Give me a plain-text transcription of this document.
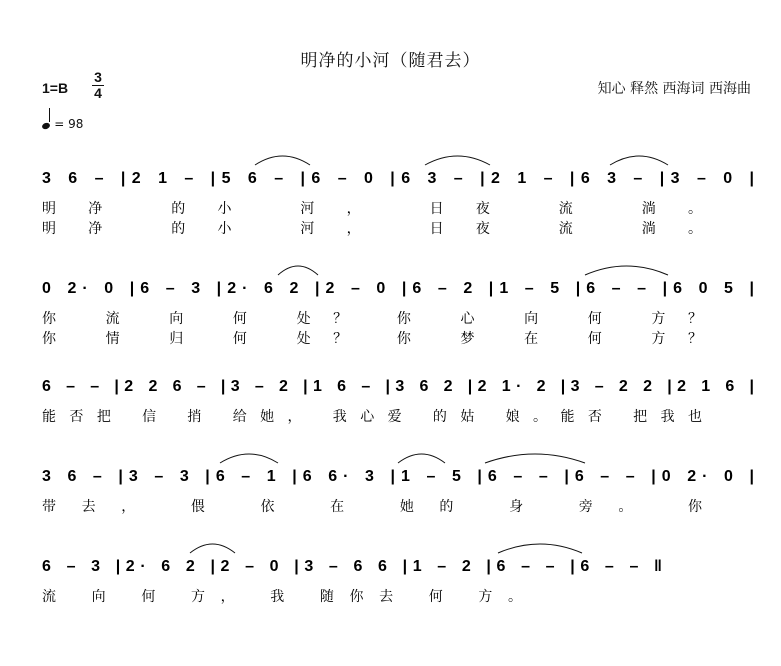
明净的小河（随君去）
1=B
3
4
= 98
知心 释然 西海词 西海曲
3 6 – |2 1 – |5 6 – |6 – 0 |6 3 – |2 1 – |6 3 – |3 – 0 |
明净 的小 河， 日夜 流 淌。
明净 的小 河， 日夜 流 淌。
0 2· 0 |6 – 3 |2· 6 2 |2 – 0 |6 – 2 |1 – 5 |6 – – |6 0 5 |
你 流 向 何 处？ 你 心 向 何 方？
你 情 归 何 处？ 你 梦 在 何 方？
6 – – |2 2 6 – |3 – 2 |1 6 – |3 6 2 |2 1· 2 |3 – 2 2 |2 1 6 |
能否把 信 捎 给她， 我心爱 的姑 娘。能否 把我也
3 6 – |3 – 3 |6 – 1 |6 6· 3 |1 – 5 |6 – – |6 – – |0 2· 0 |
带去， 偎 依 在 她的 身 旁。 你
6 – 3 |2· 6 2 |2 – 0 |3 – 6 6 |1 – 2 |6 – – |6 – – ‖
流 向 何 方， 我 随你去 何 方。
